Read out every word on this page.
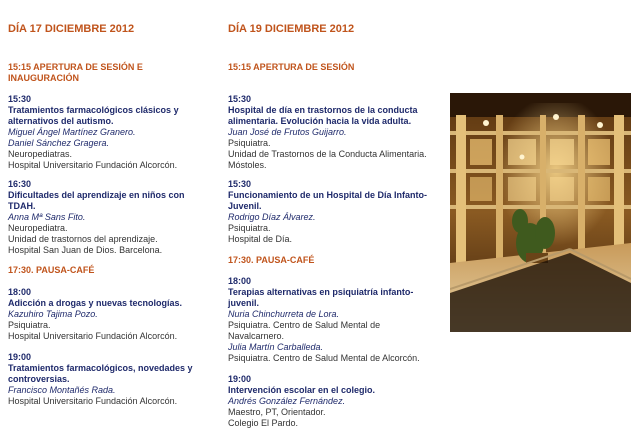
DÍA 17 DICIEMBRE 2012
15:15 APERTURA DE SESIÓN E
INAUGURACIÓN
15:30
Tratamientos farmacológicos clásicos y
alternativos del autismo.
Miguel Ángel Martínez Granero.
Daniel Sánchez Gragera.
Neuropediatras.
Hospital Universitario Fundación Alcorcón.
16:30
Dificultades del aprendizaje en niños con
TDAH.
Anna Mª Sans Fito.
Neuropediatra.
Unidad de trastornos del aprendizaje.
Hospital San Juan de Dios. Barcelona.
17:30. PAUSA-CAFÉ
18:00
Adicción a drogas y nuevas tecnologías.
Kazuhiro Tajima Pozo.
Psiquiatra.
Hospital Universitario Fundación Alcorcón.
19:00
Tratamientos farmacológicos, novedades y
controversias.
Francisco Montañés Rada.
Hospital Universitario Fundación Alcorcón.
DÍA 19 DICIEMBRE 2012
15:15 APERTURA DE SESIÓN
15:30
Hospital de día en trastornos de la conducta
alimentaria. Evolución hacia la vida adulta.
Juan José de Frutos Guijarro.
Psiquiatra.
Unidad de Trastornos de la Conducta Alimentaria.
Móstoles.
15:30
Funcionamiento de un Hospital de Día Infanto-
Juvenil.
Rodrigo Díaz Álvarez.
Psiquiatra.
Hospital de Día.
17:30. PAUSA-CAFÉ
18:00
Terapias alternativas en psiquiatría infanto-
juvenil.
Nuria Chinchurreta de Lora.
Psiquiatra. Centro de Salud Mental de
Navalcarnero.
Julia Martín Carballeda.
Psiquiatra. Centro de Salud Mental de Alcorcón.
19:00
Intervención escolar en el colegio.
Andrés González Fernández.
Maestro, PT, Orientador.
Colegio El Pardo.
